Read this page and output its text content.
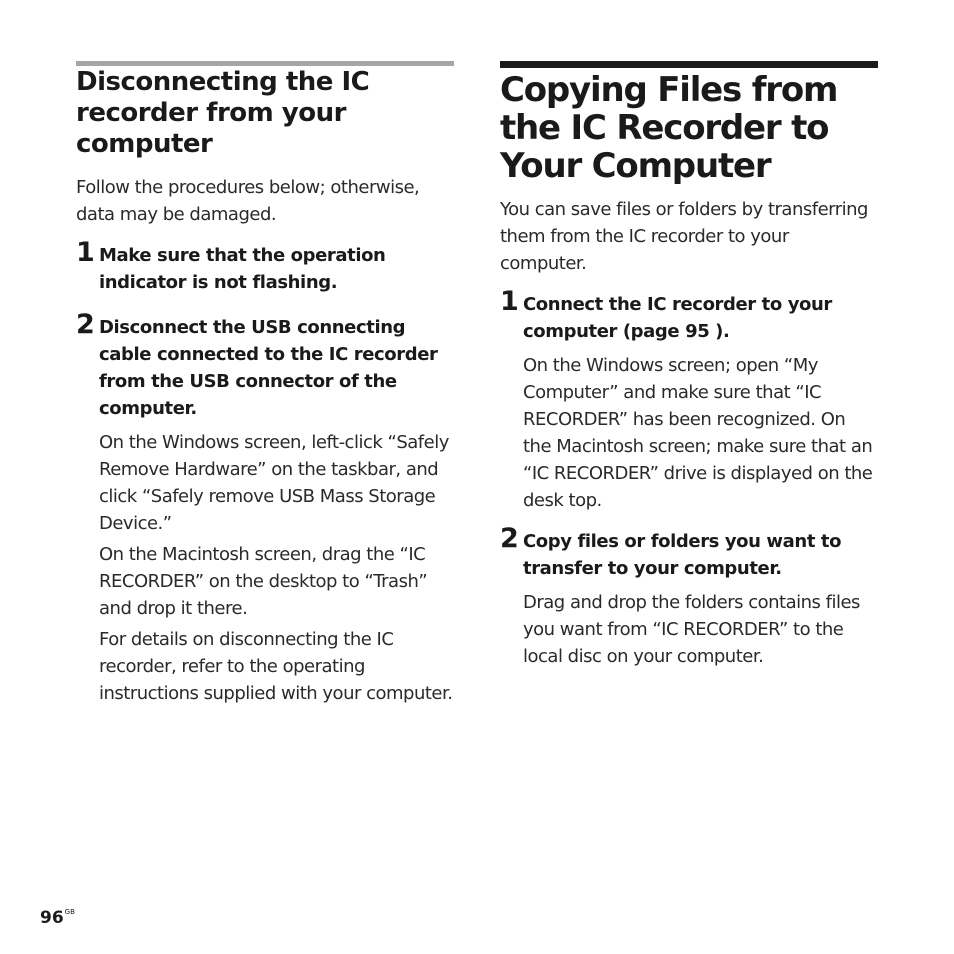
Disconnecting the IC recorder from your computer

Follow the procedures below; otherwise, data may be damaged.

1 Make sure that the operation indicator is not flashing.

2 Disconnect the USB connecting cable connected to the IC recorder from the USB connector of the computer.

On the Windows screen, left-click “Safely Remove Hardware” on the taskbar, and click “Safely remove USB Mass Storage Device.”

On the Macintosh screen, drag the “IC RECORDER” on the desktop to “Trash” and drop it there.

For details on disconnecting the IC recorder, refer to the operating instructions supplied with your computer.

Copying Files from the IC Recorder to Your Computer

You can save files or folders by transferring them from the IC recorder to your computer.

1 Connect the IC recorder to your computer (page 95 ).

On the Windows screen; open “My Computer” and make sure that “IC RECORDER” has been recognized. On the Macintosh screen; make sure that an “IC RECORDER” drive is displayed on the desk top.

2 Copy files or folders you want to transfer to your computer.

Drag and drop the folders contains files you want from “IC RECORDER” to the local disc on your computer.

$96^{GB}$
